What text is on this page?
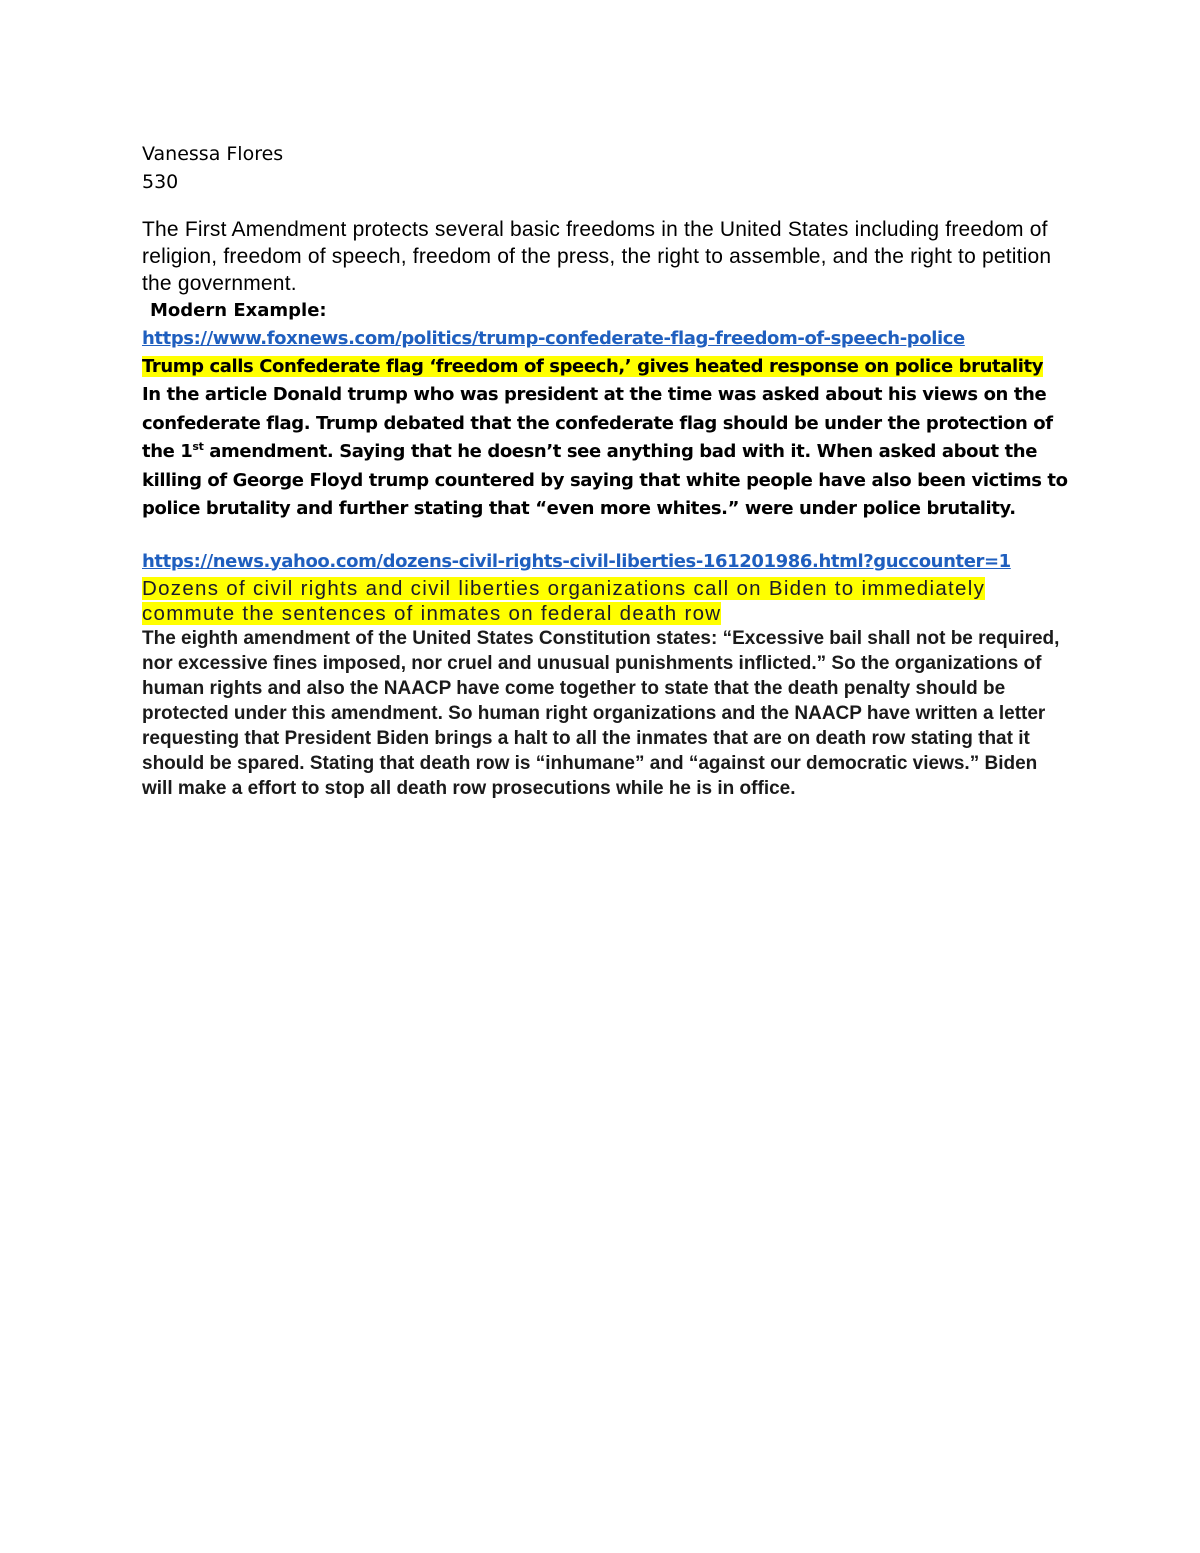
Vanessa Flores

530

The First Amendment protects several basic freedoms in the United States including freedom of religion, freedom of speech, freedom of the press, the right to assemble, and the right to petition the government.

Modern Example:

https://www.foxnews.com/politics/trump-confederate-flag-freedom-of-speech-police

Trump calls Confederate flag ‘freedom of speech,’ gives heated response on police brutality

In the article Donald trump who was president at the time was asked about his views on the confederate flag. Trump debated that the confederate flag should be under the protection of the 1st amendment. Saying that he doesn’t see anything bad with it. When asked about the killing of George Floyd trump countered by saying that white people have also been victims to police brutality and further stating that “even more whites.” were under police brutality.

https://news.yahoo.com/dozens-civil-rights-civil-liberties-161201986.html?guccounter=1

Dozens of civil rights and civil liberties organizations call on Biden to immediately commute the sentences of inmates on federal death row

The eighth amendment of the United States Constitution states: “Excessive bail shall not be required, nor excessive fines imposed, nor cruel and unusual punishments inflicted.” So the organizations of human rights and also the NAACP have come together to state that the death penalty should be protected under this amendment. So human right organizations and the NAACP have written a letter requesting that President Biden brings a halt to all the inmates that are on death row stating that it should be spared. Stating that death row is “inhumane” and “against our democratic views.” Biden will make a effort to stop all death row prosecutions while he is in office.
